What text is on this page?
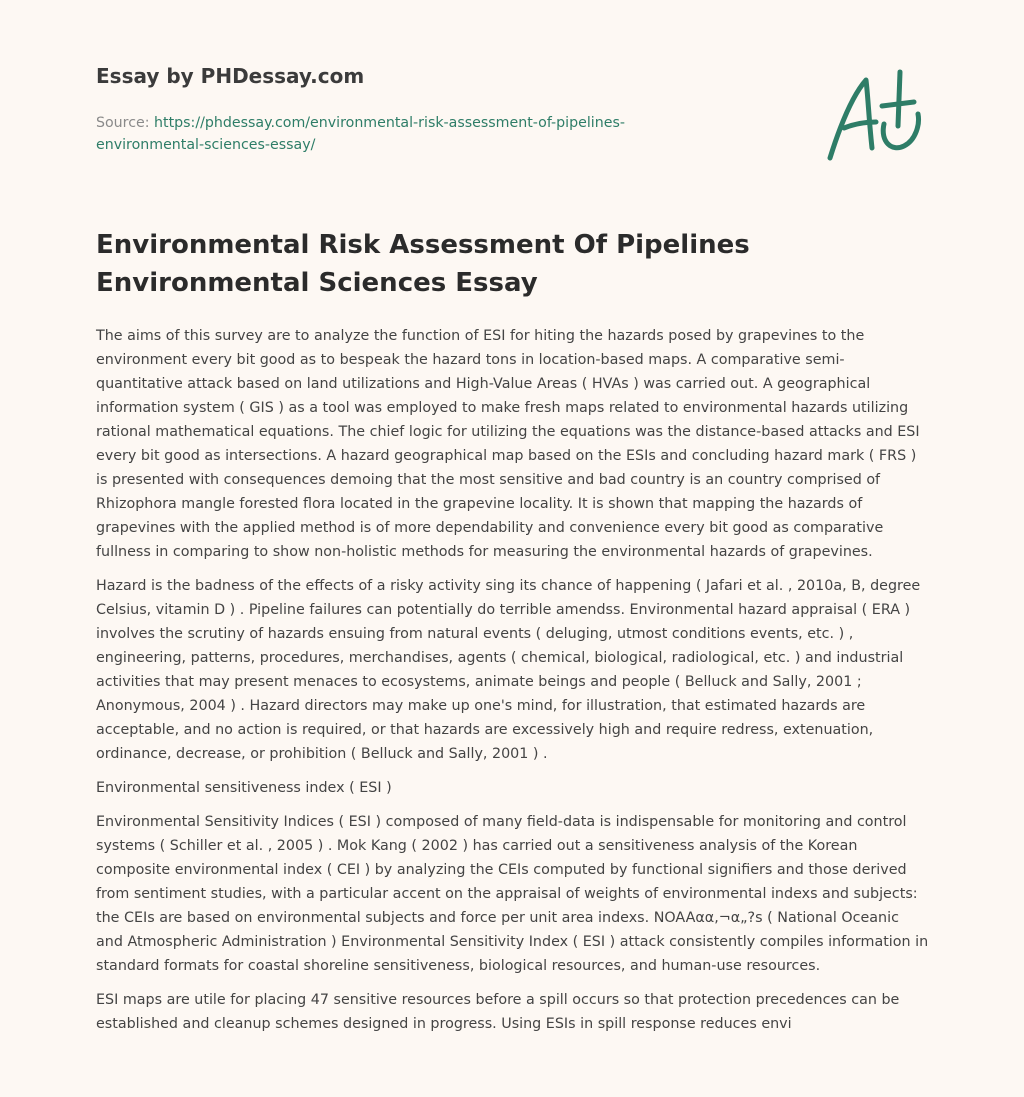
Essay by PHDessay.com
Source: https://phdessay.com/environmental-risk-assessment-of-pipelines-environmental-sciences-essay/
Environmental Risk Assessment Of Pipelines
Environmental Sciences Essay

The aims of this survey are to analyze the function of ESI for hiting the hazards posed by grapevines to the environment every bit good as to bespeak the hazard tons in location-based maps. A comparative semi-quantitative attack based on land utilizations and High-Value Areas ( HVAs ) was carried out. A geographical information system ( GIS ) as a tool was employed to make fresh maps related to environmental hazards utilizing rational mathematical equations. The chief logic for utilizing the equations was the distance-based attacks and ESI every bit good as intersections. A hazard geographical map based on the ESIs and concluding hazard mark ( FRS ) is presented with consequences demoing that the most sensitive and bad country is an country comprised of Rhizophora mangle forested flora located in the grapevine locality. It is shown that mapping the hazards of grapevines with the applied method is of more dependability and convenience every bit good as comparative fullness in comparing to show non-holistic methods for measuring the environmental hazards of grapevines.

Hazard is the badness of the effects of a risky activity sing its chance of happening ( Jafari et al. , 2010a, B, degree Celsius, vitamin D ) . Pipeline failures can potentially do terrible amendss. Environmental hazard appraisal ( ERA ) involves the scrutiny of hazards ensuing from natural events ( deluging, utmost conditions events, etc. ) , engineering, patterns, procedures, merchandises, agents ( chemical, biological, radiological, etc. ) and industrial activities that may present menaces to ecosystems, animate beings and people ( Belluck and Sally, 2001 ; Anonymous, 2004 ) . Hazard directors may make up one's mind, for illustration, that estimated hazards are acceptable, and no action is required, or that hazards are excessively high and require redress, extenuation, ordinance, decrease, or prohibition ( Belluck and Sally, 2001 ) .

Environmental sensitiveness index ( ESI )

Environmental Sensitivity Indices ( ESI ) composed of many field-data is indispensable for monitoring and control systems ( Schiller et al. , 2005 ) . Mok Kang ( 2002 ) has carried out a sensitiveness analysis of the Korean composite environmental index ( CEI ) by analyzing the CEIs computed by functional signifiers and those derived from sentiment studies, with a particular accent on the appraisal of weights of environmental indexs and subjects: the CEIs are based on environmental subjects and force per unit area indexs. NOAAαα,¬α„?s ( National Oceanic and Atmospheric Administration ) Environmental Sensitivity Index ( ESI ) attack consistently compiles information in standard formats for coastal shoreline sensitiveness, biological resources, and human-use resources.

ESI maps are utile for placing 47 sensitive resources before a spill occurs so that protection precedences can be established and cleanup schemes designed in progress. Using ESIs in spill response reduces envi
